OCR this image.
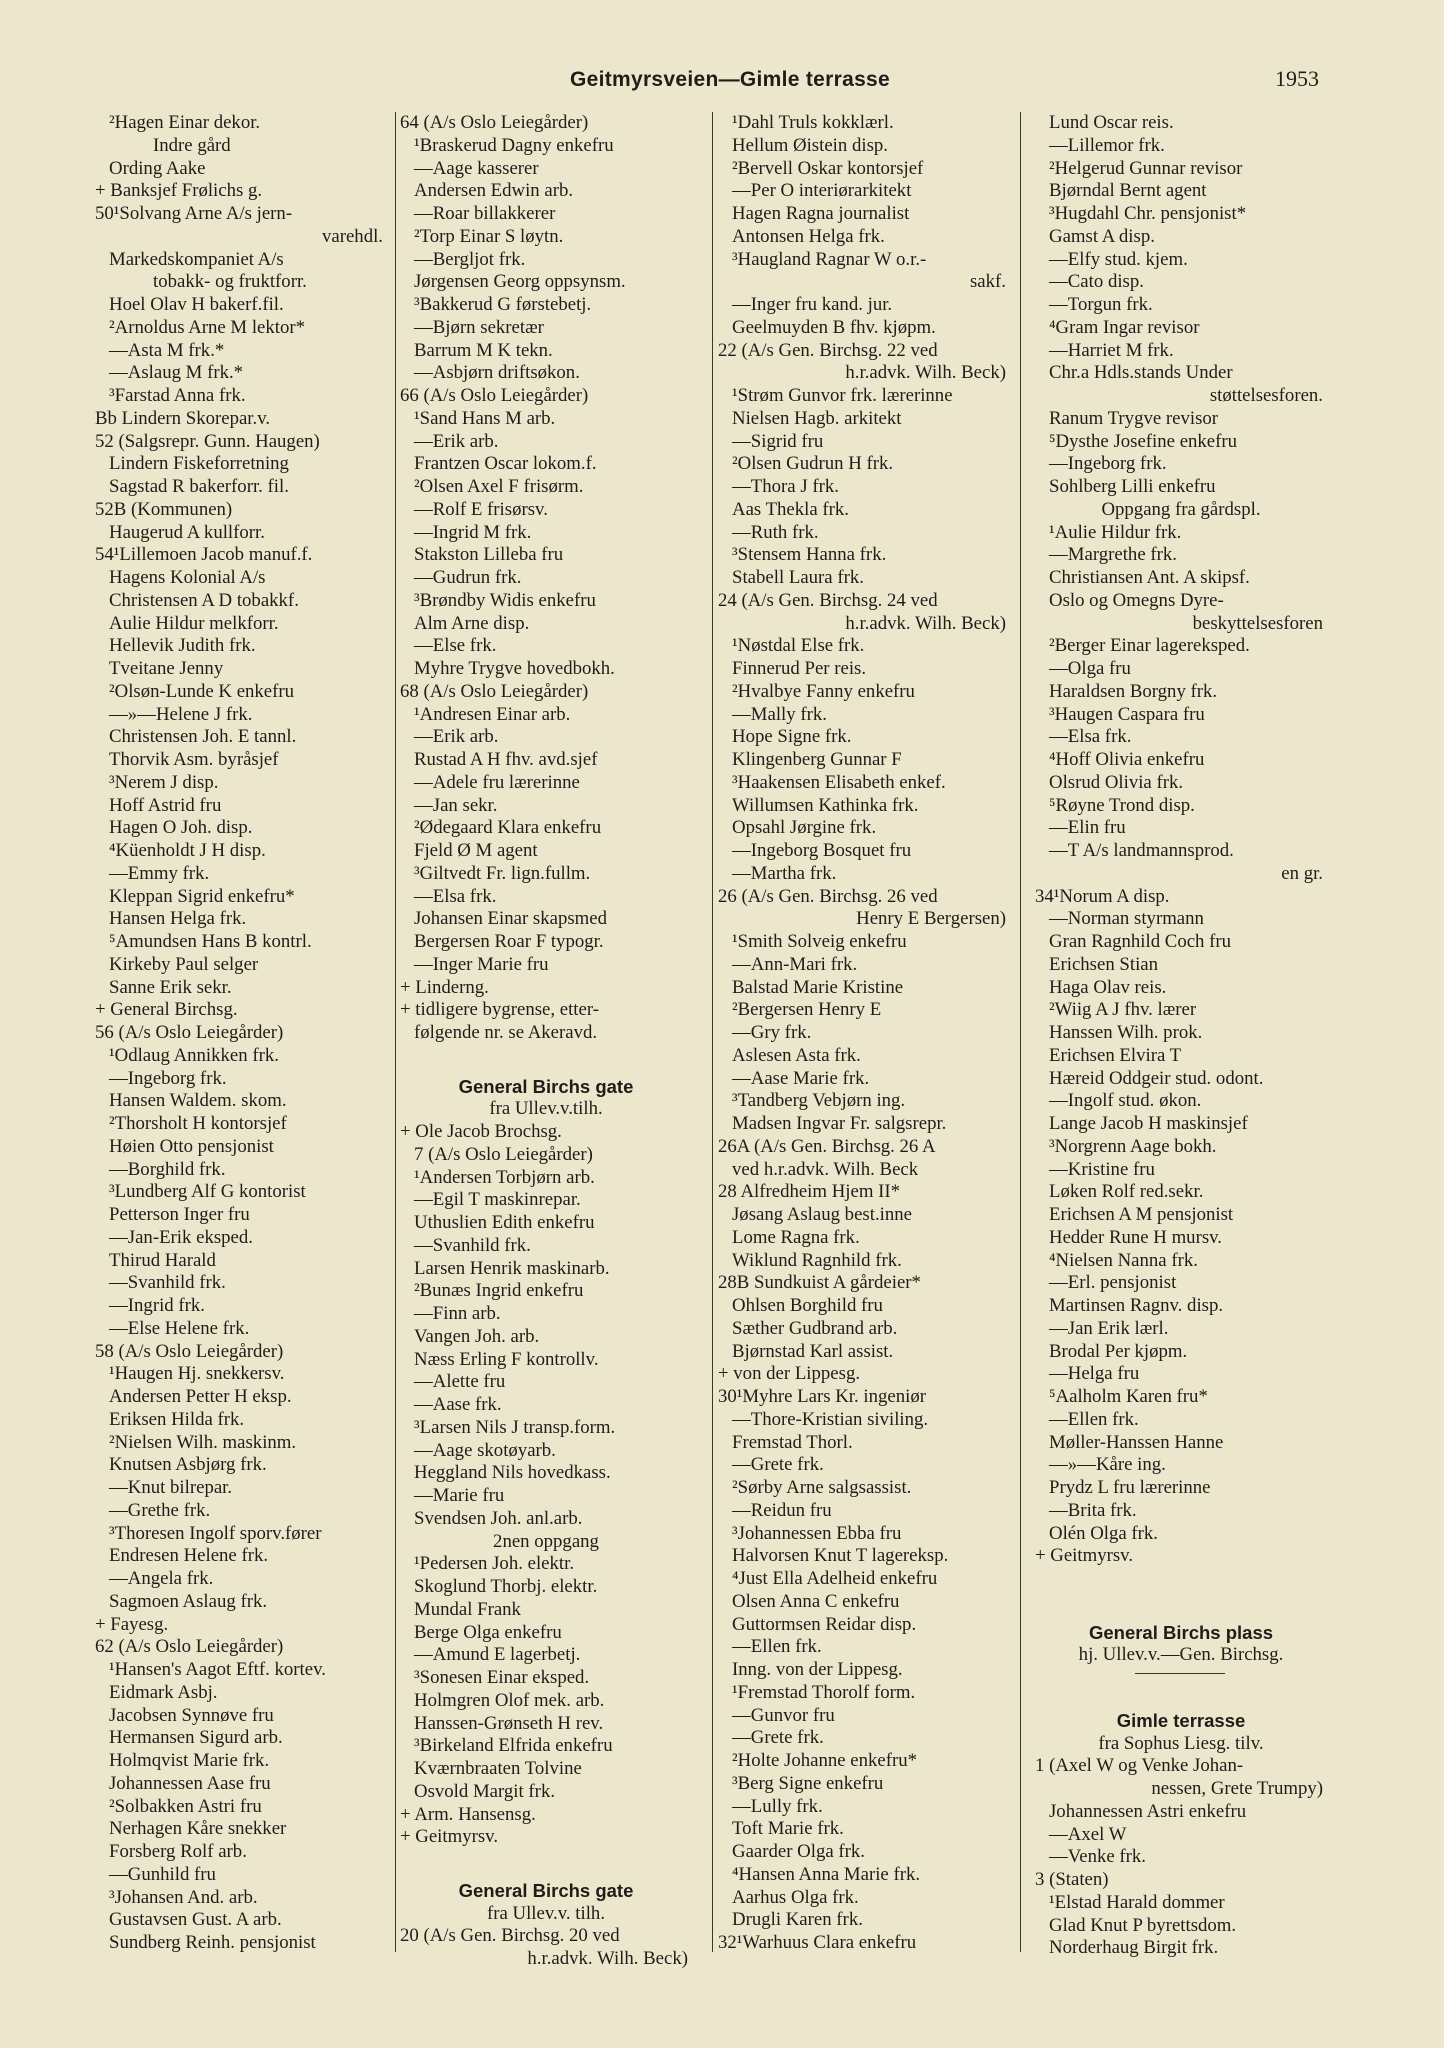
Geitmyrsveien—Gimle terrasse	1953
²Hagen Einar dekor.
Indre gård
Ording Aake
+ Banksjef Frølichs g.
50¹Solvang Arne A/s jern-
varehdl.
Markedskompaniet A/s
tobakk- og fruktforr.
Hoel Olav H bakerf.fil.
²Arnoldus Arne M lektor*
—Asta M frk.*
—Aslaug M frk.*
³Farstad Anna frk.
Bb Lindern Skorepar.v.
52 (Salgsrepr. Gunn. Haugen)
Lindern Fiskeforretning
Sagstad R bakerforr. fil.
52B (Kommunen)
Haugerud A kullforr.
54¹Lillemoen Jacob manuf.f.
Hagens Kolonial A/s
Christensen A D tobakkf.
Aulie Hildur melkforr.
Hellevik Judith frk.
Tveitane Jenny
²Olsøn-Lunde K enkefru
—»—Helene J frk.
Christensen Joh. E tannl.
Thorvik Asm. byråsjef
³Nerem J disp.
Hoff Astrid fru
Hagen O Joh. disp.
⁴Küenholdt J H disp.
—Emmy frk.
Kleppan Sigrid enkefru*
Hansen Helga frk.
⁵Amundsen Hans B kontrl.
Kirkeby Paul selger
Sanne Erik sekr.
+ General Birchsg.
56 (A/s Oslo Leiegårder)
¹Odlaug Annikken frk.
—Ingeborg frk.
Hansen Waldem. skom.
²Thorsholt H kontorsjef
Høien Otto pensjonist
—Borghild frk.
³Lundberg Alf G kontorist
Petterson Inger fru
—Jan-Erik eksped.
Thirud Harald
—Svanhild frk.
—Ingrid frk.
—Else Helene frk.
58 (A/s Oslo Leiegårder)
¹Haugen Hj. snekkersv.
Andersen Petter H eksp.
Eriksen Hilda frk.
²Nielsen Wilh. maskinm.
Knutsen Asbjørg frk.
—Knut bilrepar.
—Grethe frk.
³Thoresen Ingolf sporv.fører
Endresen Helene frk.
—Angela frk.
Sagmoen Aslaug frk.
+ Fayesg.
62 (A/s Oslo Leiegårder)
¹Hansen's Aagot Eftf. kortev.
Eidmark Asbj.
Jacobsen Synnøve fru
Hermansen Sigurd arb.
Holmqvist Marie frk.
Johannessen Aase fru
²Solbakken Astri fru
Nerhagen Kåre snekker
Forsberg Rolf arb.
—Gunhild fru
³Johansen And. arb.
Gustavsen Gust. A arb.
Sundberg Reinh. pensjonist
64 (A/s Oslo Leiegårder)
¹Braskerud Dagny enkefru
—Aage kasserer
Andersen Edwin arb.
—Roar billakkerer
²Torp Einar S løytn.
—Bergljot frk.
Jørgensen Georg oppsynsm.
³Bakkerud G førstebetj.
—Bjørn sekretær
Barrum M K tekn.
—Asbjørn driftsøkon.
66 (A/s Oslo Leiegårder)
¹Sand Hans M arb.
—Erik arb.
Frantzen Oscar lokom.f.
²Olsen Axel F frisørm.
—Rolf E frisørsv.
—Ingrid M frk.
Stakston Lilleba fru
—Gudrun frk.
³Brøndby Widis enkefru
Alm Arne disp.
—Else frk.
Myhre Trygve hovedbokh.
68 (A/s Oslo Leiegårder)
¹Andresen Einar arb.
—Erik arb.
Rustad A H fhv. avd.sjef
—Adele fru lærerinne
—Jan sekr.
²Ødegaard Klara enkefru
Fjeld Ø M agent
³Giltvedt Fr. lign.fullm.
—Elsa frk.
Johansen Einar skapsmed
Bergersen Roar F typogr.
—Inger Marie fru
+ Linderng.
+ tidligere bygrense, etter-
følgende nr. se Akeravd.

General Birchs gate
fra Ullev.v.tilh.
+ Ole Jacob Brochsg.
7 (A/s Oslo Leiegårder)
¹Andersen Torbjørn arb.
—Egil T maskinrepar.
Uthuslien Edith enkefru
—Svanhild frk.
Larsen Henrik maskinarb.
²Bunæs Ingrid enkefru
—Finn arb.
Vangen Joh. arb.
Næss Erling F kontrollv.
—Alette fru
—Aase frk.
³Larsen Nils J transp.form.
—Aage skotøyarb.
Heggland Nils hovedkass.
—Marie fru
Svendsen Joh. anl.arb.
2nen oppgang
¹Pedersen Joh. elektr.
Skoglund Thorbj. elektr.
Mundal Frank
Berge Olga enkefru
—Amund E lagerbetj.
³Sonesen Einar eksped.
Holmgren Olof mek. arb.
Hanssen-Grønseth H rev.
³Birkeland Elfrida enkefru
Kværnbraaten Tolvine
Osvold Margit frk.
+ Arm. Hansensg.
+ Geitmyrsv.

General Birchs gate
fra Ullev.v. tilh.
20 (A/s Gen. Birchsg. 20 ved
h.r.advk. Wilh. Beck)
¹Dahl Truls kokklærl.
Hellum Øistein disp.
²Bervell Oskar kontorsjef
—Per O interiørarkitekt
Hagen Ragna journalist
Antonsen Helga frk.
³Haugland Ragnar W o.r.-
sakf.
—Inger fru kand. jur.
Geelmuyden B fhv. kjøpm.
22 (A/s Gen. Birchsg. 22 ved
h.r.advk. Wilh. Beck)
¹Strøm Gunvor frk. lærerinne
Nielsen Hagb. arkitekt
—Sigrid fru
²Olsen Gudrun H frk.
—Thora J frk.
Aas Thekla frk.
—Ruth frk.
³Stensem Hanna frk.
Stabell Laura frk.
24 (A/s Gen. Birchsg. 24 ved
h.r.advk. Wilh. Beck)
¹Nøstdal Else frk.
Finnerud Per reis.
²Hvalbye Fanny enkefru
—Mally frk.
Hope Signe frk.
Klingenberg Gunnar F
³Haakensen Elisabeth enkef.
Willumsen Kathinka frk.
Opsahl Jørgine frk.
—Ingeborg Bosquet fru
—Martha frk.
26 (A/s Gen. Birchsg. 26 ved
Henry E Bergersen)
¹Smith Solveig enkefru
—Ann-Mari frk.
Balstad Marie Kristine
²Bergersen Henry E
—Gry frk.
Aslesen Asta frk.
—Aase Marie frk.
³Tandberg Vebjørn ing.
Madsen Ingvar Fr. salgsrepr.
26A (A/s Gen. Birchsg. 26 A
ved h.r.advk. Wilh. Beck
28 Alfredheim Hjem II*
Jøsang Aslaug best.inne
Lome Ragna frk.
Wiklund Ragnhild frk.
28B Sundkuist A gårdeier*
Ohlsen Borghild fru
Sæther Gudbrand arb.
Bjørnstad Karl assist.
+ von der Lippesg.
30¹Myhre Lars Kr. ingeniør
—Thore-Kristian siviling.
Fremstad Thorl.
—Grete frk.
²Sørby Arne salgsassist.
—Reidun fru
³Johannessen Ebba fru
Halvorsen Knut T lagereksp.
⁴Just Ella Adelheid enkefru
Olsen Anna C enkefru
Guttormsen Reidar disp.
—Ellen frk.
Inng. von der Lippesg.
¹Fremstad Thorolf form.
—Gunvor fru
—Grete frk.
²Holte Johanne enkefru*
³Berg Signe enkefru
—Lully frk.
Toft Marie frk.
Gaarder Olga frk.
⁴Hansen Anna Marie frk.
Aarhus Olga frk.
Drugli Karen frk.
32¹Warhuus Clara enkefru
Lund Oscar reis.
—Lillemor frk.
²Helgerud Gunnar revisor
Bjørndal Bernt agent
³Hugdahl Chr. pensjonist*
Gamst A disp.
—Elfy stud. kjem.
—Cato disp.
—Torgun frk.
⁴Gram Ingar revisor
—Harriet M frk.
Chr.a Hdls.stands Under
støttelsesforen.
Ranum Trygve revisor
⁵Dysthe Josefine enkefru
—Ingeborg frk.
Sohlberg Lilli enkefru
Oppgang fra gårdspl.
¹Aulie Hildur frk.
—Margrethe frk.
Christiansen Ant. A skipsf.
Oslo og Omegns Dyre-
beskyttelsesforen
²Berger Einar lagereksped.
—Olga fru
Haraldsen Borgny frk.
³Haugen Caspara fru
—Elsa frk.
⁴Hoff Olivia enkefru
Olsrud Olivia frk.
⁵Røyne Trond disp.
—Elin fru
—T A/s landmannsprod.
en gr.
34¹Norum A disp.
—Norman styrmann
Gran Ragnhild Coch fru
Erichsen Stian
Haga Olav reis.
²Wiig A J fhv. lærer
Hanssen Wilh. prok.
Erichsen Elvira T
Hæreid Oddgeir stud. odont.
—Ingolf stud. økon.
Lange Jacob H maskinsjef
³Norgrenn Aage bokh.
—Kristine fru
Løken Rolf red.sekr.
Erichsen A M pensjonist
Hedder Rune H mursv.
⁴Nielsen Nanna frk.
—Erl. pensjonist
Martinsen Ragnv. disp.
—Jan Erik lærl.
Brodal Per kjøpm.
—Helga fru
⁵Aalholm Karen fru*
—Ellen frk.
Møller-Hanssen Hanne
—»—Kåre ing.
Prydz L fru lærerinne
—Brita frk.
Olén Olga frk.
+ Geitmyrsv.

General Birchs plass
hj. Ullev.v.—Gen. Birchsg.

Gimle terrasse
fra Sophus Liesg. tilv.
1 (Axel W og Venke Johan-
nessen, Grete Trumpy)
Johannessen Astri enkefru
—Axel W
—Venke frk.
3 (Staten)
¹Elstad Harald dommer
Glad Knut P byrettsdom.
Norderhaug Birgit frk.
